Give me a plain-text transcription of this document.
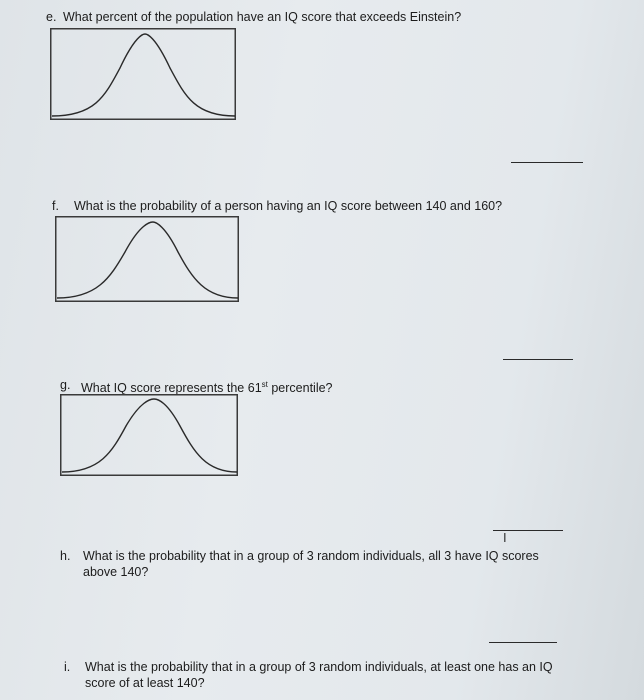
e. What percent of the population have an IQ score that exceeds Einstein?
f. What is the probability of a person having an IQ score between 140 and 160?
g. What IQ score represents the 61st percentile?
I
h. What is the probability that in a group of 3 random individuals, all 3 have IQ scores
above 140?
i. What is the probability that in a group of 3 random individuals, at least one has an IQ
score of at least 140?
